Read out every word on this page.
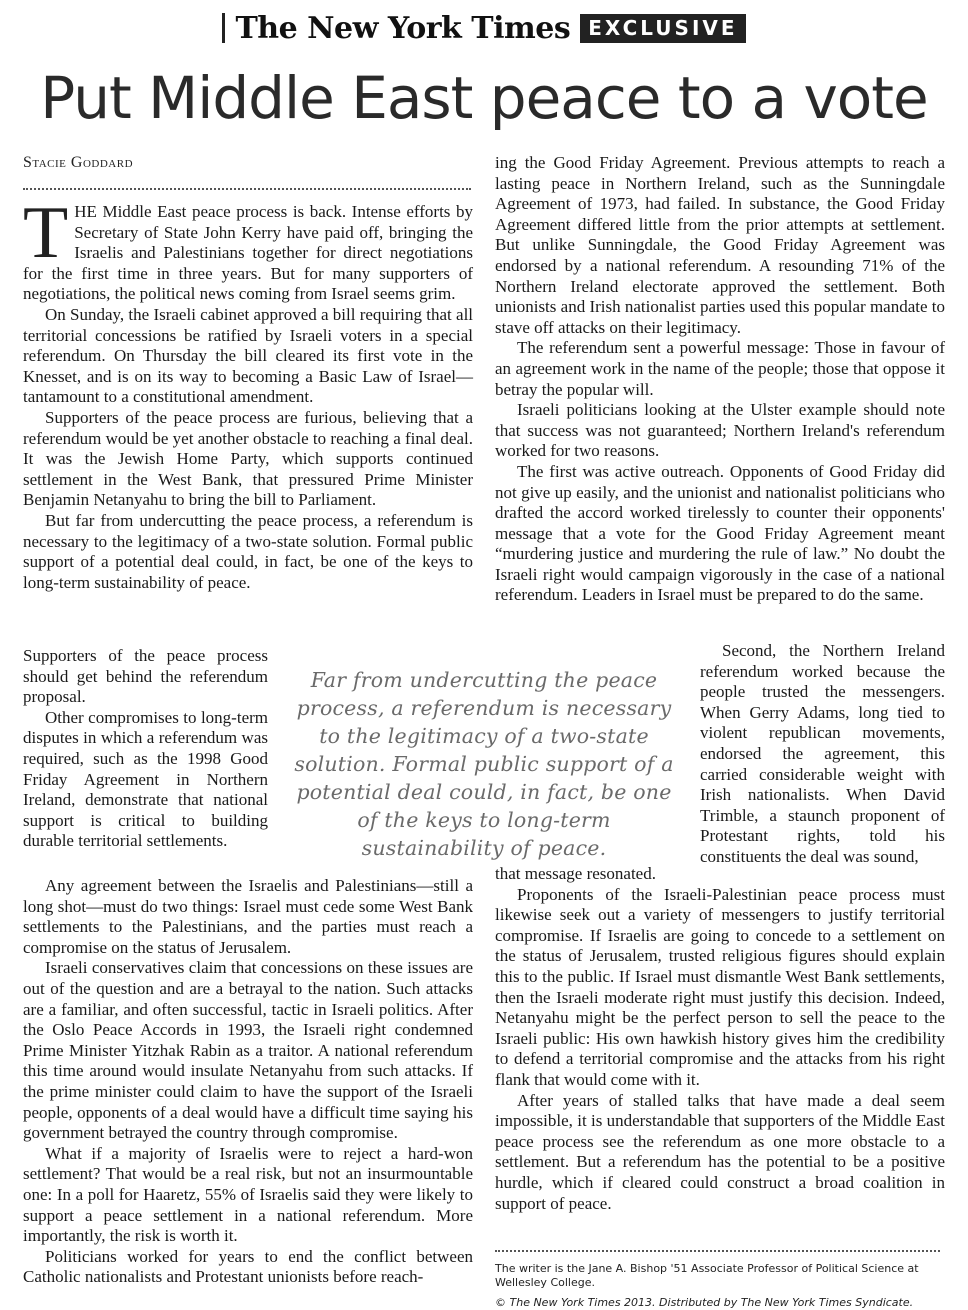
The New York Times EXCLUSIVE
Put Middle East peace to a vote
Stacie Goddard

THE Middle East peace process is back. Intense efforts by Secretary of State John Kerry have paid off, bringing the Israelis and Palestinians together for direct negotiations for the first time in three years. But for many supporters of negotiations, the political news coming from Israel seems grim.

On Sunday, the Israeli cabinet approved a bill requiring that all territorial concessions be ratified by Israeli voters in a special referendum. On Thursday the bill cleared its first vote in the Knesset, and is on its way to becoming a Basic Law of Israel—tantamount to a constitutional amendment.

Supporters of the peace process are furious, believing that a referendum would be yet another obstacle to reaching a final deal. It was the Jewish Home Party, which supports continued settlement in the West Bank, that pressured Prime Minister Benjamin Netanyahu to bring the bill to Parliament.

But far from undercutting the peace process, a referendum is necessary to the legitimacy of a two-state solution. Formal public support of a potential deal could, in fact, be one of the keys to long-term sustainability of peace.

Supporters of the peace process should get behind the referendum proposal.

Other compromises to long-term disputes in which a referendum was required, such as the 1998 Good Friday Agreement in Northern Ireland, demonstrate that national support is critical to building durable territorial settlements.

Any agreement between the Israelis and Palestinians—still a long shot—must do two things: Israel must cede some West Bank settlements to the Palestinians, and the parties must reach a compromise on the status of Jerusalem.

Israeli conservatives claim that concessions on these issues are out of the question and are a betrayal to the nation. Such attacks are a familiar, and often successful, tactic in Israeli politics. After the Oslo Peace Accords in 1993, the Israeli right condemned Prime Minister Yitzhak Rabin as a traitor. A national referendum this time around would insulate Netanyahu from such attacks. If the prime minister could claim to have the support of the Israeli people, opponents of a deal would have a difficult time saying his government betrayed the country through compromise.

What if a majority of Israelis were to reject a hard-won settlement? That would be a real risk, but not an insurmountable one: In a poll for Haaretz, 55% of Israelis said they were likely to support a peace settlement in a national referendum. More importantly, the risk is worth it.

Politicians worked for years to end the conflict between Catholic nationalists and Protestant unionists before reach-

ing the Good Friday Agreement. Previous attempts to reach a lasting peace in Northern Ireland, such as the Sunningdale Agreement of 1973, had failed. In substance, the Good Friday Agreement differed little from the prior attempts at settlement. But unlike Sunningdale, the Good Friday Agreement was endorsed by a national referendum. A resounding 71% of the Northern Ireland electorate approved the settlement. Both unionists and Irish nationalist parties used this popular mandate to stave off attacks on their legitimacy.

The referendum sent a powerful message: Those in favour of an agreement work in the name of the people; those that oppose it betray the popular will.

Israeli politicians looking at the Ulster example should note that success was not guaranteed; Northern Ireland's referendum worked for two reasons.

The first was active outreach. Opponents of Good Friday did not give up easily, and the unionist and nationalist politicians who drafted the accord worked tirelessly to counter their opponents' message that a vote for the Good Friday Agreement meant “murdering justice and murdering the rule of law.” No doubt the Israeli right would campaign vigorously in the case of a national referendum. Leaders in Israel must be prepared to do the same.

Second, the Northern Ireland referendum worked because the people trusted the messengers. When Gerry Adams, long tied to violent republican movements, endorsed the agreement, this carried considerable weight with Irish nationalists. When David Trimble, a staunch proponent of Protestant rights, told his constituents the deal was sound,

that message resonated.

Proponents of the Israeli-Palestinian peace process must likewise seek out a variety of messengers to justify territorial compromise. If Israelis are going to concede to a settlement on the status of Jerusalem, trusted religious figures should explain this to the public. If Israel must dismantle West Bank settlements, then the Israeli moderate right must justify this decision. Indeed, Netanyahu might be the perfect person to sell the peace to the Israeli public: His own hawkish history gives him the credibility to defend a territorial compromise and the attacks from his right flank that would come with it.

After years of stalled talks that have made a deal seem impossible, it is understandable that supporters of the Middle East peace process see the referendum as one more obstacle to a settlement. But a referendum has the potential to be a positive hurdle, which if cleared could construct a broad coalition in support of peace.

Far from undercutting the peace process, a referendum is necessary to the legitimacy of a two-state solution. Formal public support of a potential deal could, in fact, be one of the keys to long-term sustainability of peace.
The writer is the Jane A. Bishop '51 Associate Professor of Political Science at Wellesley College.
© The New York Times 2013. Distributed by The New York Times Syndicate.
